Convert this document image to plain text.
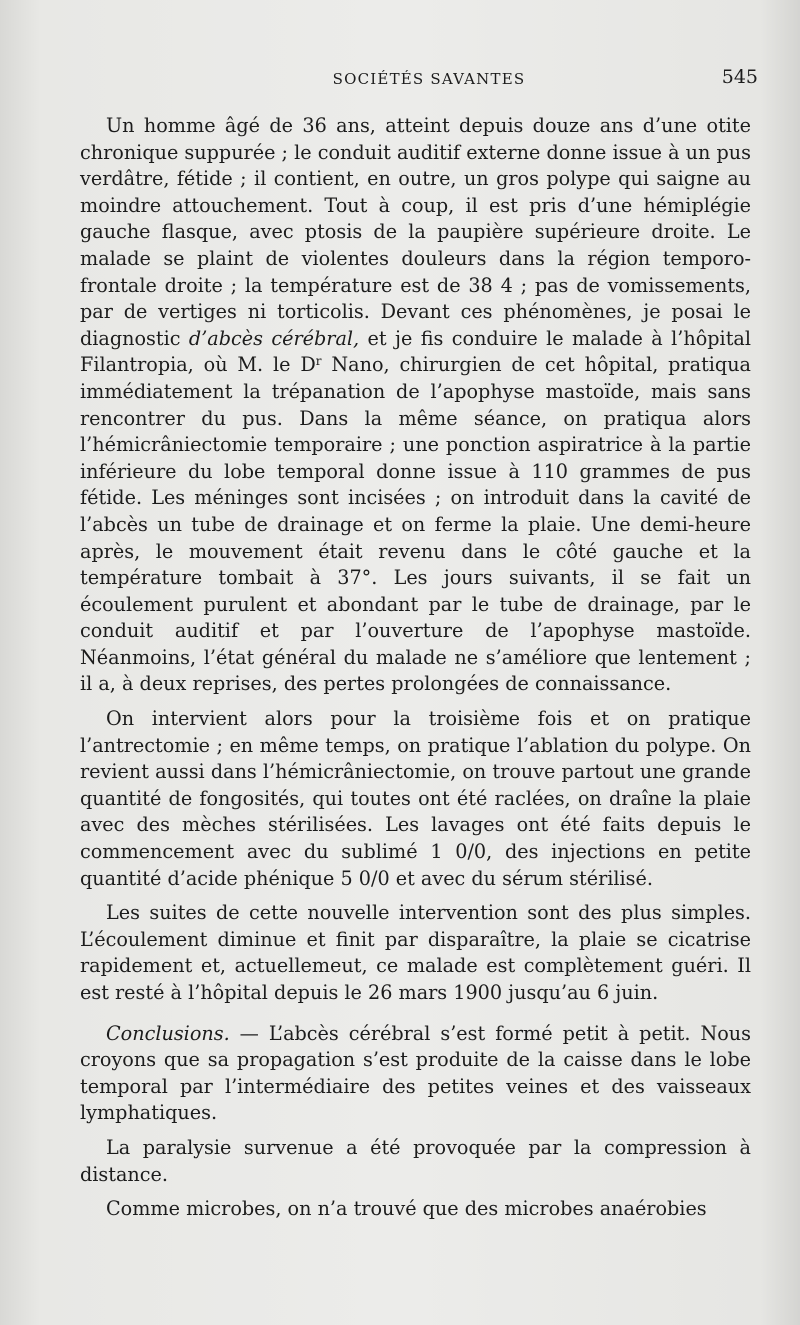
SOCIÉTÉS SAVANTES	545

Un homme âgé de 36 ans, atteint depuis douze ans d’une otite chronique suppurée ; le conduit auditif externe donne issue à un pus verdâtre, fétide ; il contient, en outre, un gros polype qui saigne au moindre attouchement. Tout à coup, il est pris d’une hémiplégie gauche flasque, avec ptosis de la paupière supérieure droite. Le malade se plaint de violentes douleurs dans la région temporo-frontale droite ; la température est de 38 4 ; pas de vomissements, par de vertiges ni torticolis. Devant ces phénomènes, je posai le diagnostic d’abcès cérébral, et je fis conduire le malade à l’hôpital Filantropia, où M. le $D^r$ Nano, chirurgien de cet hôpital, pratiqua immédiatement la trépanation de l’apophyse mastoïde, mais sans rencontrer du pus. Dans la même séance, on pratiqua alors l’hémicrâniectomie temporaire ; une ponction aspiratrice à la partie inférieure du lobe temporal donne issue à 110 grammes de pus fétide. Les méninges sont incisées ; on introduit dans la cavité de l’abcès un tube de drainage et on ferme la plaie. Une demi-heure après, le mouvement était revenu dans le côté gauche et la température tombait à 37°. Les jours suivants, il se fait un écoulement purulent et abondant par le tube de drainage, par le conduit auditif et par l’ouverture de l’apophyse mastoïde. Néanmoins, l’état général du malade ne s’améliore que lentement ; il a, à deux reprises, des pertes prolongées de connaissance.

On intervient alors pour la troisième fois et on pratique l’antrectomie ; en même temps, on pratique l’ablation du polype. On revient aussi dans l’hémicrâniectomie, on trouve partout une grande quantité de fongosités, qui toutes ont été raclées, on draîne la plaie avec des mèches stérilisées. Les lavages ont été faits depuis le commencement avec du sublimé 1 0/0, des injections en petite quantité d’acide phénique 5 0/0 et avec du sérum stérilisé.

Les suites de cette nouvelle intervention sont des plus simples. L’écoulement diminue et finit par disparaître, la plaie se cicatrise rapidement et, actuellemeut, ce malade est complètement guéri. Il est resté à l’hôpital depuis le 26 mars 1900 jusqu’au 6 juin.

Conclusions. — L’abcès cérébral s’est formé petit à petit. Nous croyons que sa propagation s’est produite de la caisse dans le lobe temporal par l’intermédiaire des petites veines et des vaisseaux lymphatiques.

La paralysie survenue a été provoquée par la compression à distance.

Comme microbes, on n’a trouvé que des microbes anaérobies
